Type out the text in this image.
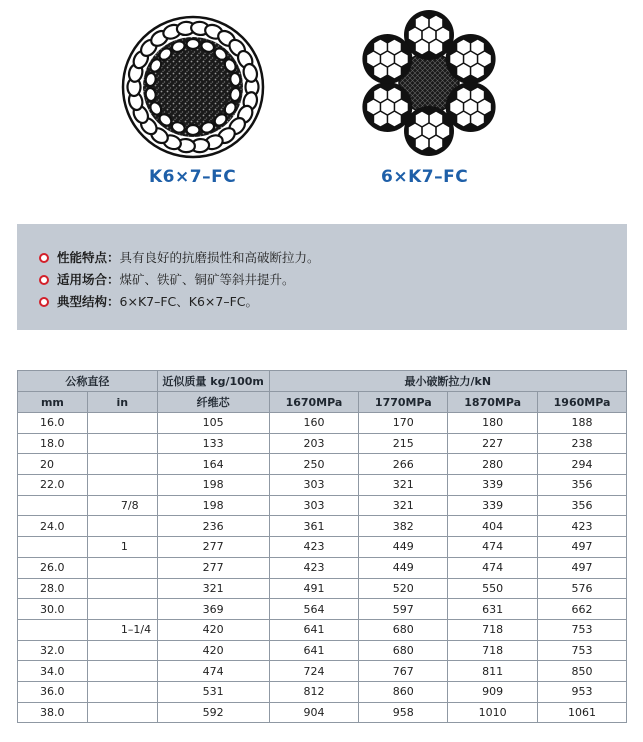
K6×7–FC	6×K7–FC
性能特点： 具有良好的抗磨损性和高破断拉力。
适用场合： 煤矿、铁矿、铜矿等斜井提升。
典型结构： 6×K7–FC、K6×7–FC。
公称直径		近似质量 kg/100m	最小破断拉力/kN			
mm	in	纤维芯	1670MPa	1770MPa	1870MPa	1960MPa
16.0		105	160	170	180	188
18.0		133	203	215	227	238
20		164	250	266	280	294
22.0		198	303	321	339	356
	7/8	198	303	321	339	356
24.0		236	361	382	404	423
	1	277	423	449	474	497
26.0		277	423	449	474	497
28.0		321	491	520	550	576
30.0		369	564	597	631	662
	1–1/4	420	641	680	718	753
32.0		420	641	680	718	753
34.0		474	724	767	811	850
36.0		531	812	860	909	953
38.0		592	904	958	1010	1061
